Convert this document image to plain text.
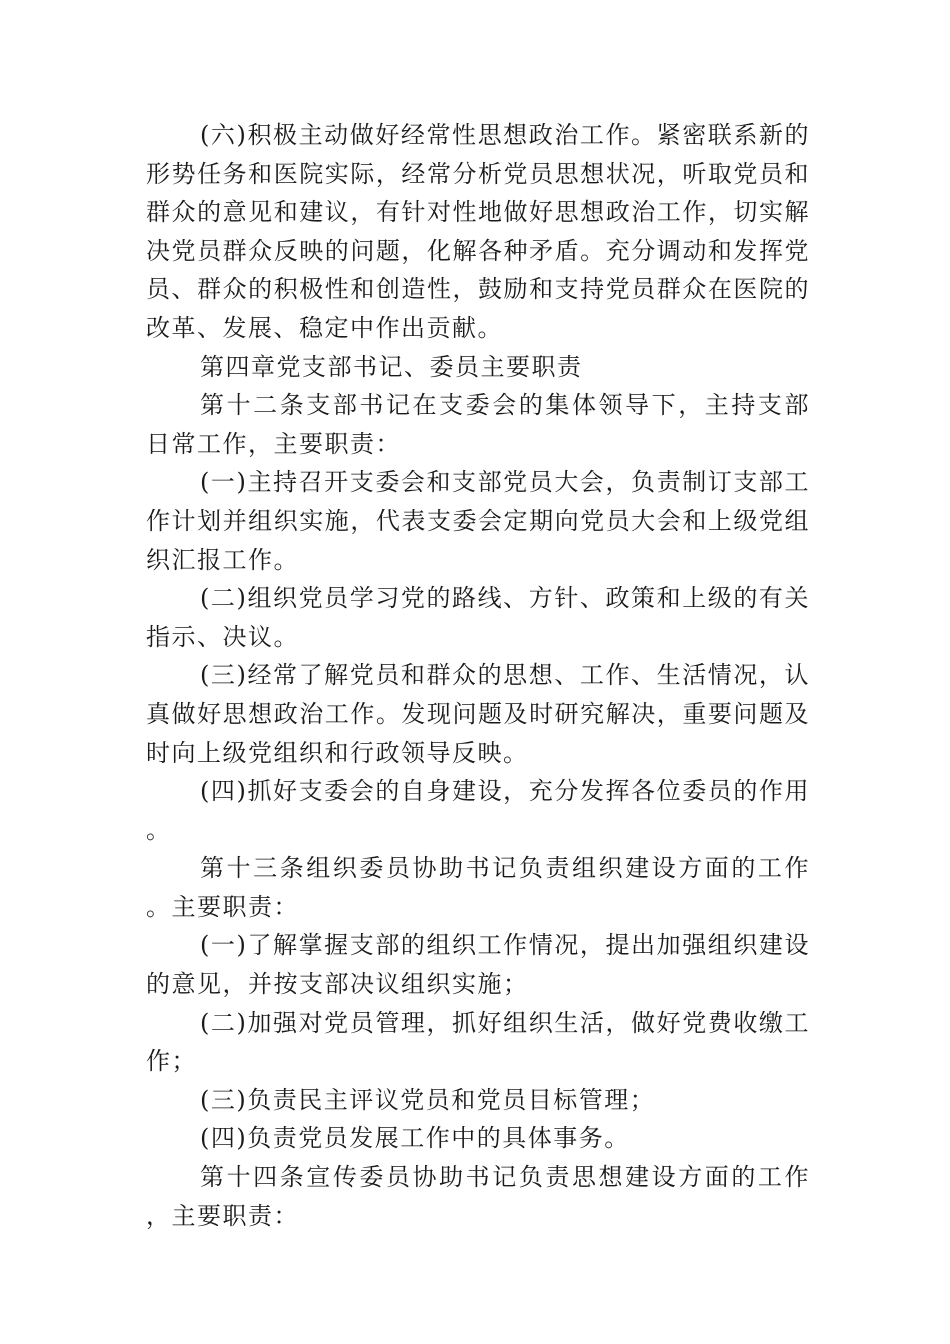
(六)积极主动做好经常性思想政治工作。紧密联系新的形势任务和医院实际，经常分析党员思想状况，听取党员和群众的意见和建议，有针对性地做好思想政治工作，切实解决党员群众反映的问题，化解各种矛盾。充分调动和发挥党员、群众的积极性和创造性，鼓励和支持党员群众在医院的改革、发展、稳定中作出贡献。

第四章党支部书记、委员主要职责

第十二条支部书记在支委会的集体领导下，主持支部日常工作，主要职责：

(一)主持召开支委会和支部党员大会，负责制订支部工作计划并组织实施，代表支委会定期向党员大会和上级党组织汇报工作。

(二)组织党员学习党的路线、方针、政策和上级的有关指示、决议。

(三)经常了解党员和群众的思想、工作、生活情况，认真做好思想政治工作。发现问题及时研究解决，重要问题及时向上级党组织和行政领导反映。

(四)抓好支委会的自身建设，充分发挥各位委员的作用。

第十三条组织委员协助书记负责组织建设方面的工作。主要职责：

(一)了解掌握支部的组织工作情况，提出加强组织建设的意见，并按支部决议组织实施；

(二)加强对党员管理，抓好组织生活，做好党费收缴工作；

(三)负责民主评议党员和党员目标管理；

(四)负责党员发展工作中的具体事务。

第十四条宣传委员协助书记负责思想建设方面的工作，主要职责：
